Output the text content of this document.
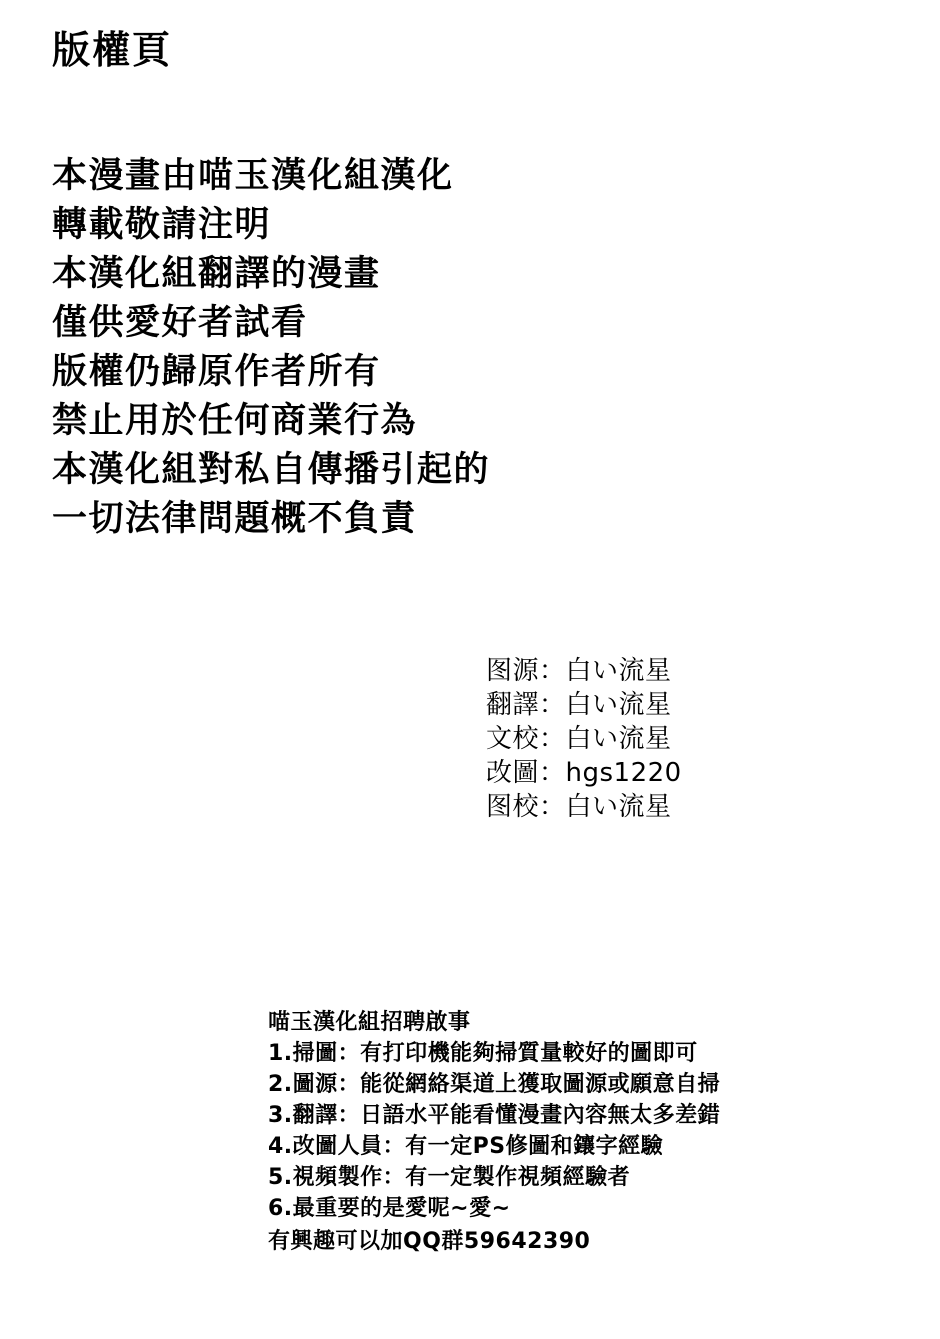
版權頁
本漫畫由喵玉漢化組漢化
轉載敬請注明
本漢化組翻譯的漫畫
僅供愛好者試看
版權仍歸原作者所有
禁止用於任何商業行為
本漢化組對私自傳播引起的
一切法律問題概不負責
图源：白い流星
翻譯：白い流星
文校：白い流星
改圖：hgs1220
图校：白い流星
喵玉漢化組招聘啟事
1.掃圖：有打印機能夠掃質量較好的圖即可
2.圖源：能從網絡渠道上獲取圖源或願意自掃
3.翻譯：日語水平能看懂漫畫內容無太多差錯
4.改圖人員：有一定PS修圖和鑲字經驗
5.視頻製作：有一定製作視頻經驗者
6.最重要的是愛呢~愛~
有興趣可以加QQ群59642390
